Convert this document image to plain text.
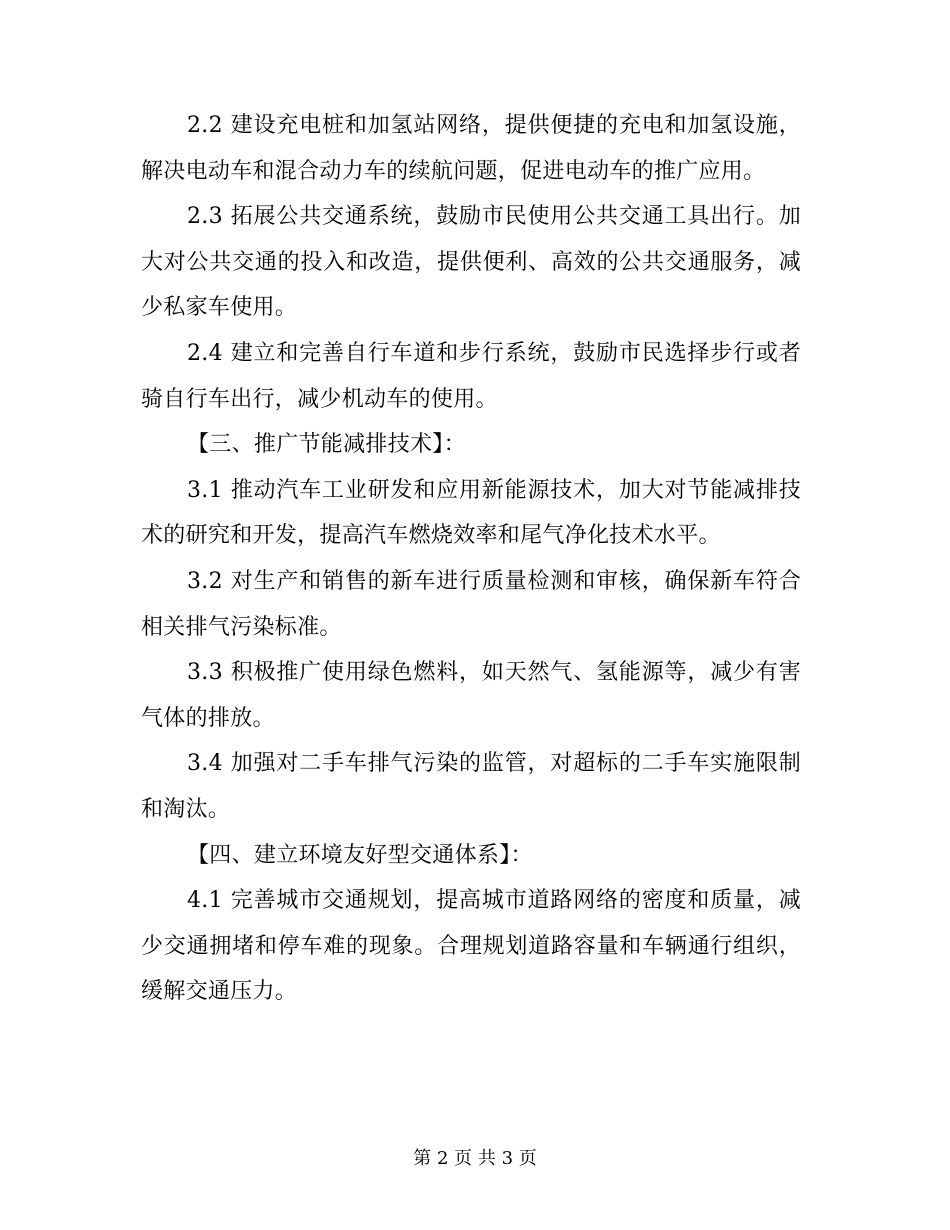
2.2 建设充电桩和加氢站网络，提供便捷的充电和加氢设施，解决电动车和混合动力车的续航问题，促进电动车的推广应用。

2.3 拓展公共交通系统，鼓励市民使用公共交通工具出行。加大对公共交通的投入和改造，提供便利、高效的公共交通服务，减少私家车使用。

2.4 建立和完善自行车道和步行系统，鼓励市民选择步行或者骑自行车出行，减少机动车的使用。

【三、推广节能减排技术】：

3.1 推动汽车工业研发和应用新能源技术，加大对节能减排技术的研究和开发，提高汽车燃烧效率和尾气净化技术水平。

3.2 对生产和销售的新车进行质量检测和审核，确保新车符合相关排气污染标准。

3.3 积极推广使用绿色燃料，如天然气、氢能源等，减少有害气体的排放。

3.4 加强对二手车排气污染的监管，对超标的二手车实施限制和淘汰。

【四、建立环境友好型交通体系】：

4.1 完善城市交通规划，提高城市道路网络的密度和质量，减少交通拥堵和停车难的现象。合理规划道路容量和车辆通行组织，缓解交通压力。

第 2 页 共 3 页
